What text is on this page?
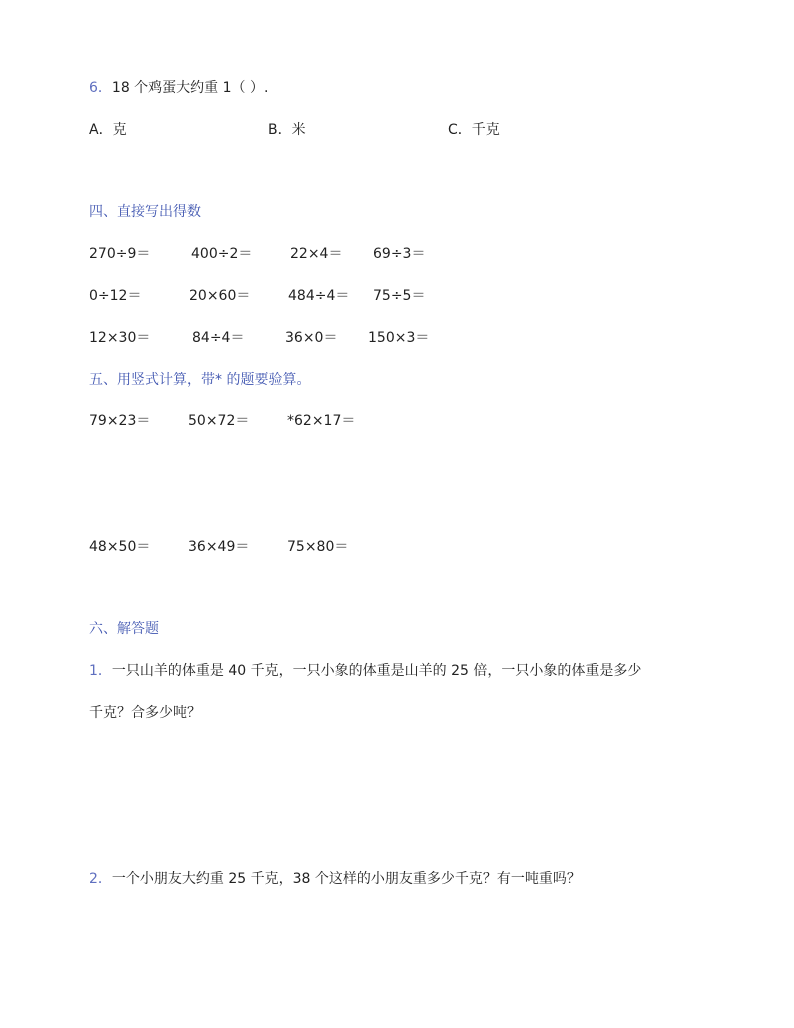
6．18 个鸡蛋大约重 1（ ）.
A．克	B．米	C．千克
四、直接写出得数
270÷9＝	400÷2＝	22×4＝ 69÷3＝
0÷12＝	20×60＝	484÷4＝ 75÷5＝
12×30＝	84÷4＝	36×0＝ 150×3＝
五、用竖式计算，带* 的题要验算。
79×23＝	50×72＝	*62×17＝
48×50＝	36×49＝	75×80＝
六、解答题
1．一只山羊的体重是 40 千克，一只小象的体重是山羊的 25 倍，一只小象的体重是多少
千克？合多少吨？
2．一个小朋友大约重 25 千克，38 个这样的小朋友重多少千克？有一吨重吗？
